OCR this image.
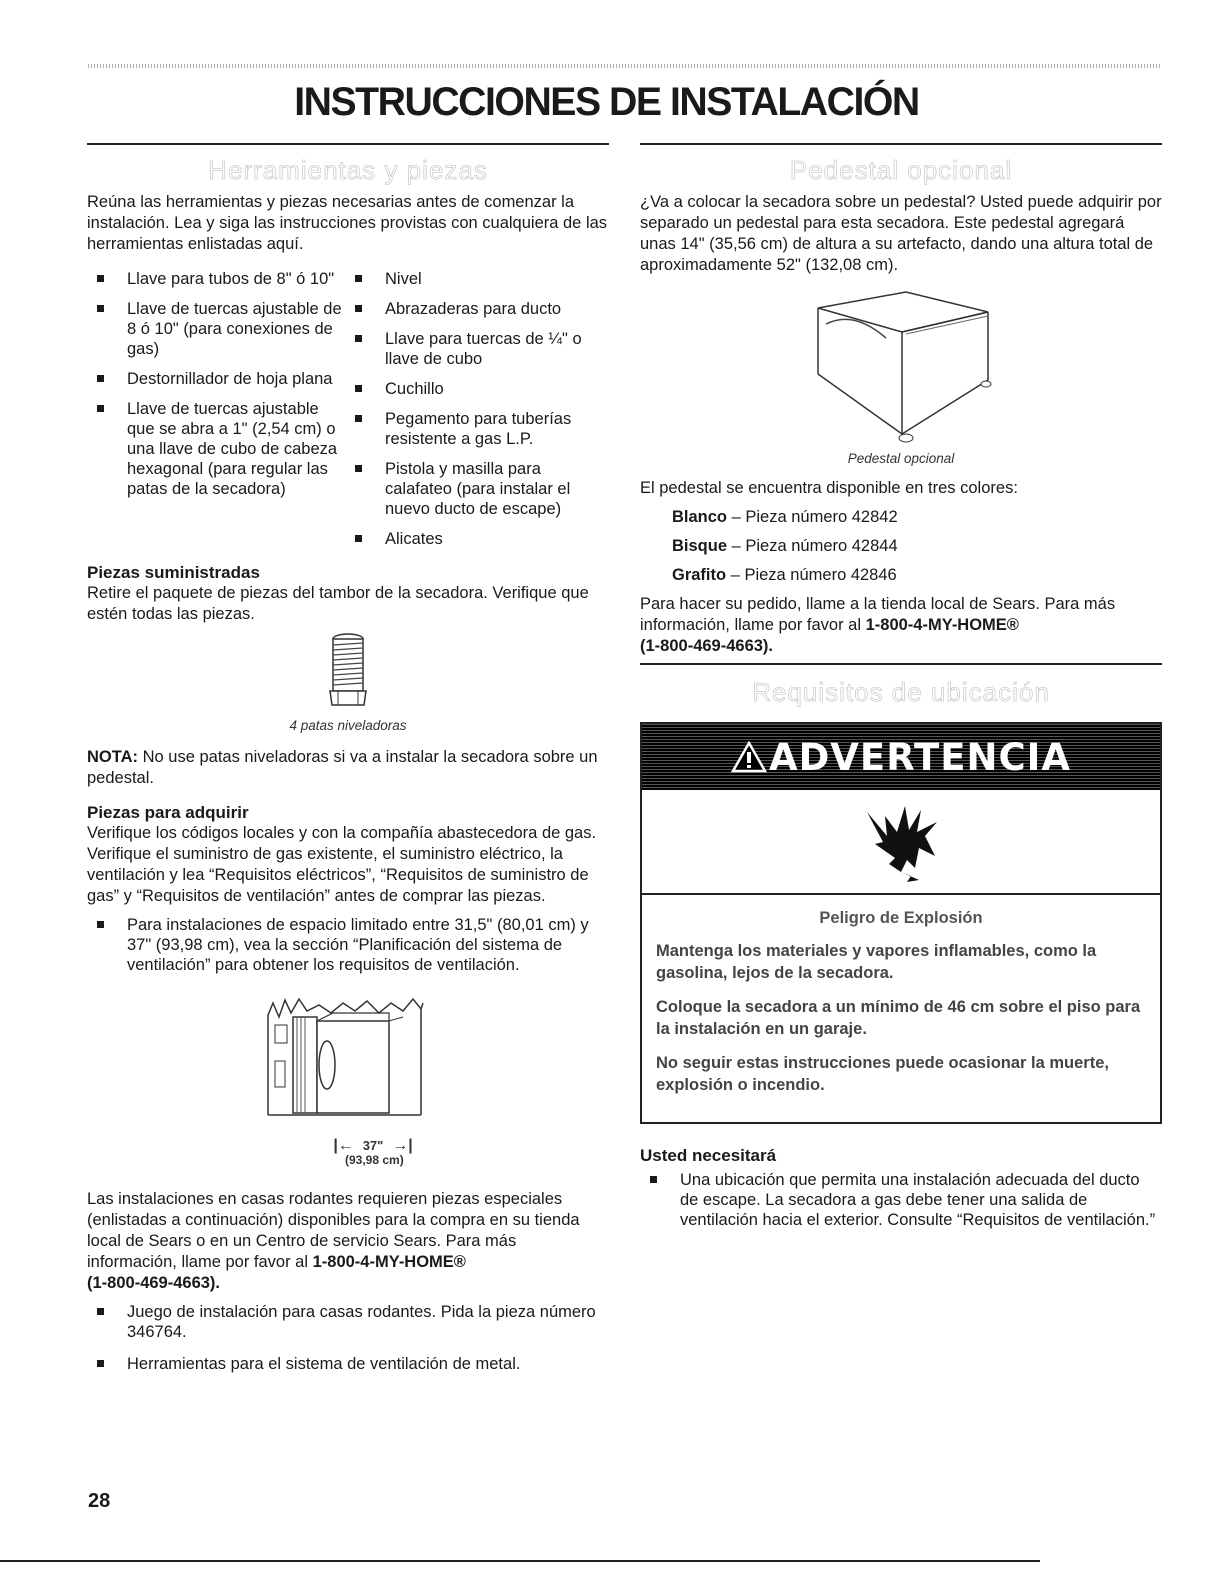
INSTRUCCIONES DE INSTALACIÓN
Herramientas y piezas

Reúna las herramientas y piezas necesarias antes de comenzar la instalación. Lea y siga las instrucciones provistas con cualquiera de las herramientas enlistadas aquí.

Llave para tubos de 8" ó 10"
Llave de tuercas ajustable de 8 ó 10" (para conexiones de gas)
Destornillador de hoja plana
Llave de tuercas ajustable que se abra a 1" (2,54 cm) o una llave de cubo de cabeza hexagonal (para regular las patas de la secadora)
Nivel
Abrazaderas para ducto
Llave para tuercas de ¼" o llave de cubo
Cuchillo
Pegamento para tuberías resistente a gas L.P.
Pistola y masilla para calafateo (para instalar el nuevo ducto de escape)
Alicates
Piezas suministradas

Retire el paquete de piezas del tambor de la secadora. Verifique que estén todas las piezas.

4 patas niveladoras

NOTA: No use patas niveladoras si va a instalar la secadora sobre un pedestal.

Piezas para adquirir

Verifique los códigos locales y con la compañía abastecedora de gas. Verifique el suministro de gas existente, el suministro eléctrico, la ventilación y lea “Requisitos eléctricos”, “Requisitos de suministro de gas” y “Requisitos de ventilación” antes de comprar las piezas.

Para instalaciones de espacio limitado entre 31,5" (80,01 cm) y 37" (93,98 cm), vea la sección “Planificación del sistema de ventilación” para obtener los requisitos de ventilación.
|←  37"  →|
(93,98 cm)

Las instalaciones en casas rodantes requieren piezas especiales (enlistadas a continuación) disponibles para la compra en su tienda local de Sears o en un Centro de servicio Sears. Para más información, llame por favor al 1-800-4-MY-HOME®
(1-800-469-4663).

Juego de instalación para casas rodantes. Pida la pieza número 346764.
Herramientas para el sistema de ventilación de metal.
Pedestal opcional

¿Va a colocar la secadora sobre un pedestal? Usted puede adquirir por separado un pedestal para esta secadora. Este pedestal agregará unas 14" (35,56 cm) de altura a su artefacto, dando una altura total de aproximadamente 52" (132,08 cm).

Pedestal opcional

El pedestal se encuentra disponible en tres colores:

Blanco – Pieza número 42842
Bisque – Pieza número 42844
Grafito – Pieza número 42846

Para hacer su pedido, llame a la tienda local de Sears. Para más información, llame por favor al 1-800-4-MY-HOME®
(1-800-469-4663).

Requisitos de ubicación
ADVERTENCIA
Peligro de Explosión
Mantenga los materiales y vapores inflamables, como la gasolina, lejos de la secadora.
Coloque la secadora a un mínimo de 46 cm sobre el piso para la instalación en un garaje.
No seguir estas instrucciones puede ocasionar la muerte, explosión o incendio.
Usted necesitará
Una ubicación que permita una instalación adecuada del ducto de escape. La secadora a gas debe tener una salida de ventilación hacia el exterior. Consulte “Requisitos de ventilación.”
28
